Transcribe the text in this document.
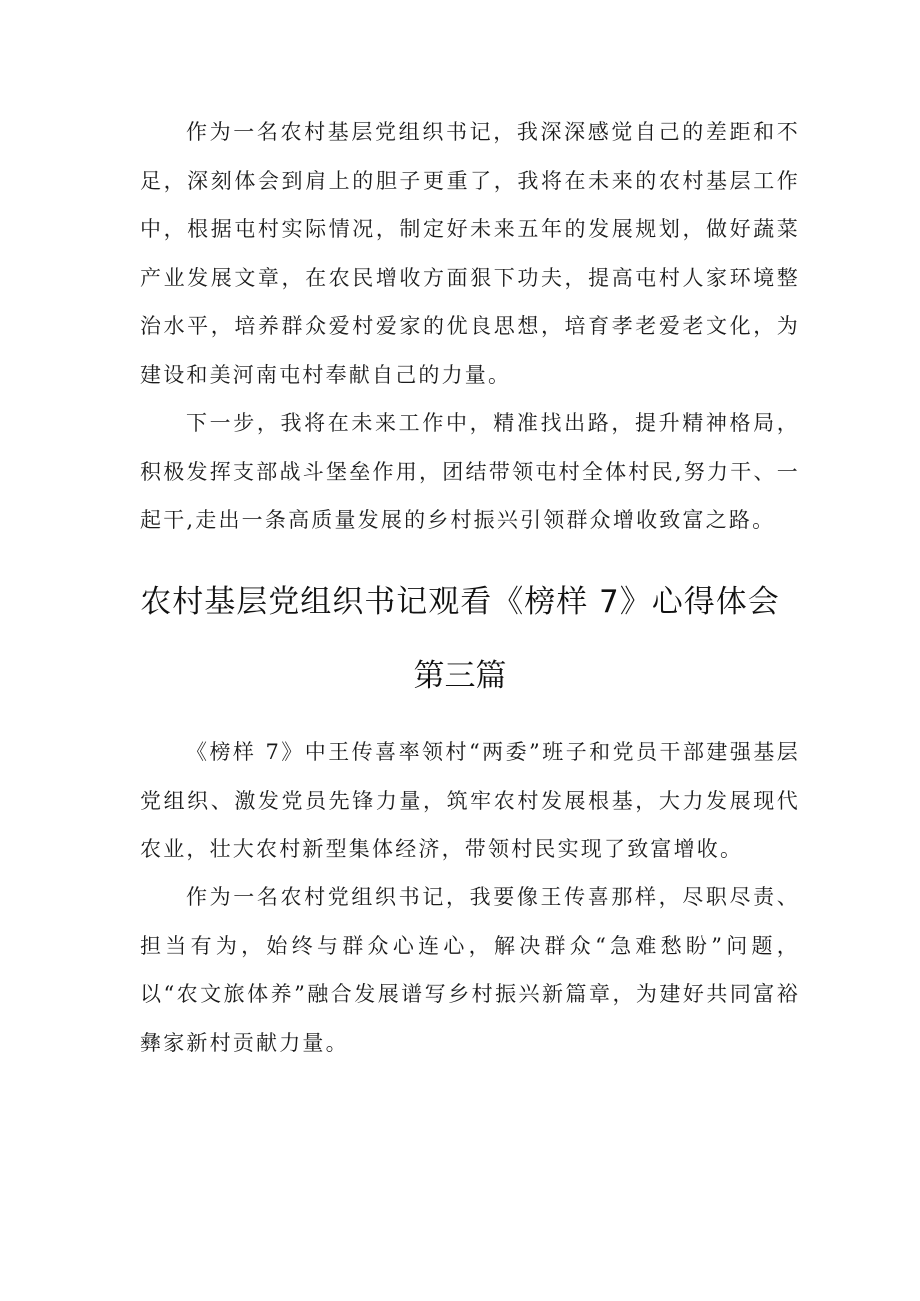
作为一名农村基层党组织书记，我深深感觉自己的差距和不足，深刻体会到肩上的胆子更重了，我将在未来的农村基层工作中，根据屯村实际情况，制定好未来五年的发展规划，做好蔬菜产业发展文章，在农民增收方面狠下功夫，提高屯村人家环境整治水平，培养群众爱村爱家的优良思想，培育孝老爱老文化，为建设和美河南屯村奉献自己的力量。

下一步，我将在未来工作中，精准找出路，提升精神格局，积极发挥支部战斗堡垒作用，团结带领屯村全体村民,努力干、一起干,走出一条高质量发展的乡村振兴引领群众增收致富之路。

农村基层党组织书记观看《榜样 7》心得体会
第三篇

《榜样 7》中王传喜率领村“两委”班子和党员干部建强基层党组织、激发党员先锋力量，筑牢农村发展根基，大力发展现代农业，壮大农村新型集体经济，带领村民实现了致富增收。

作为一名农村党组织书记，我要像王传喜那样，尽职尽责、担当有为，始终与群众心连心，解决群众“急难愁盼”问题，以“农文旅体养”融合发展谱写乡村振兴新篇章，为建好共同富裕彝家新村贡献力量。
